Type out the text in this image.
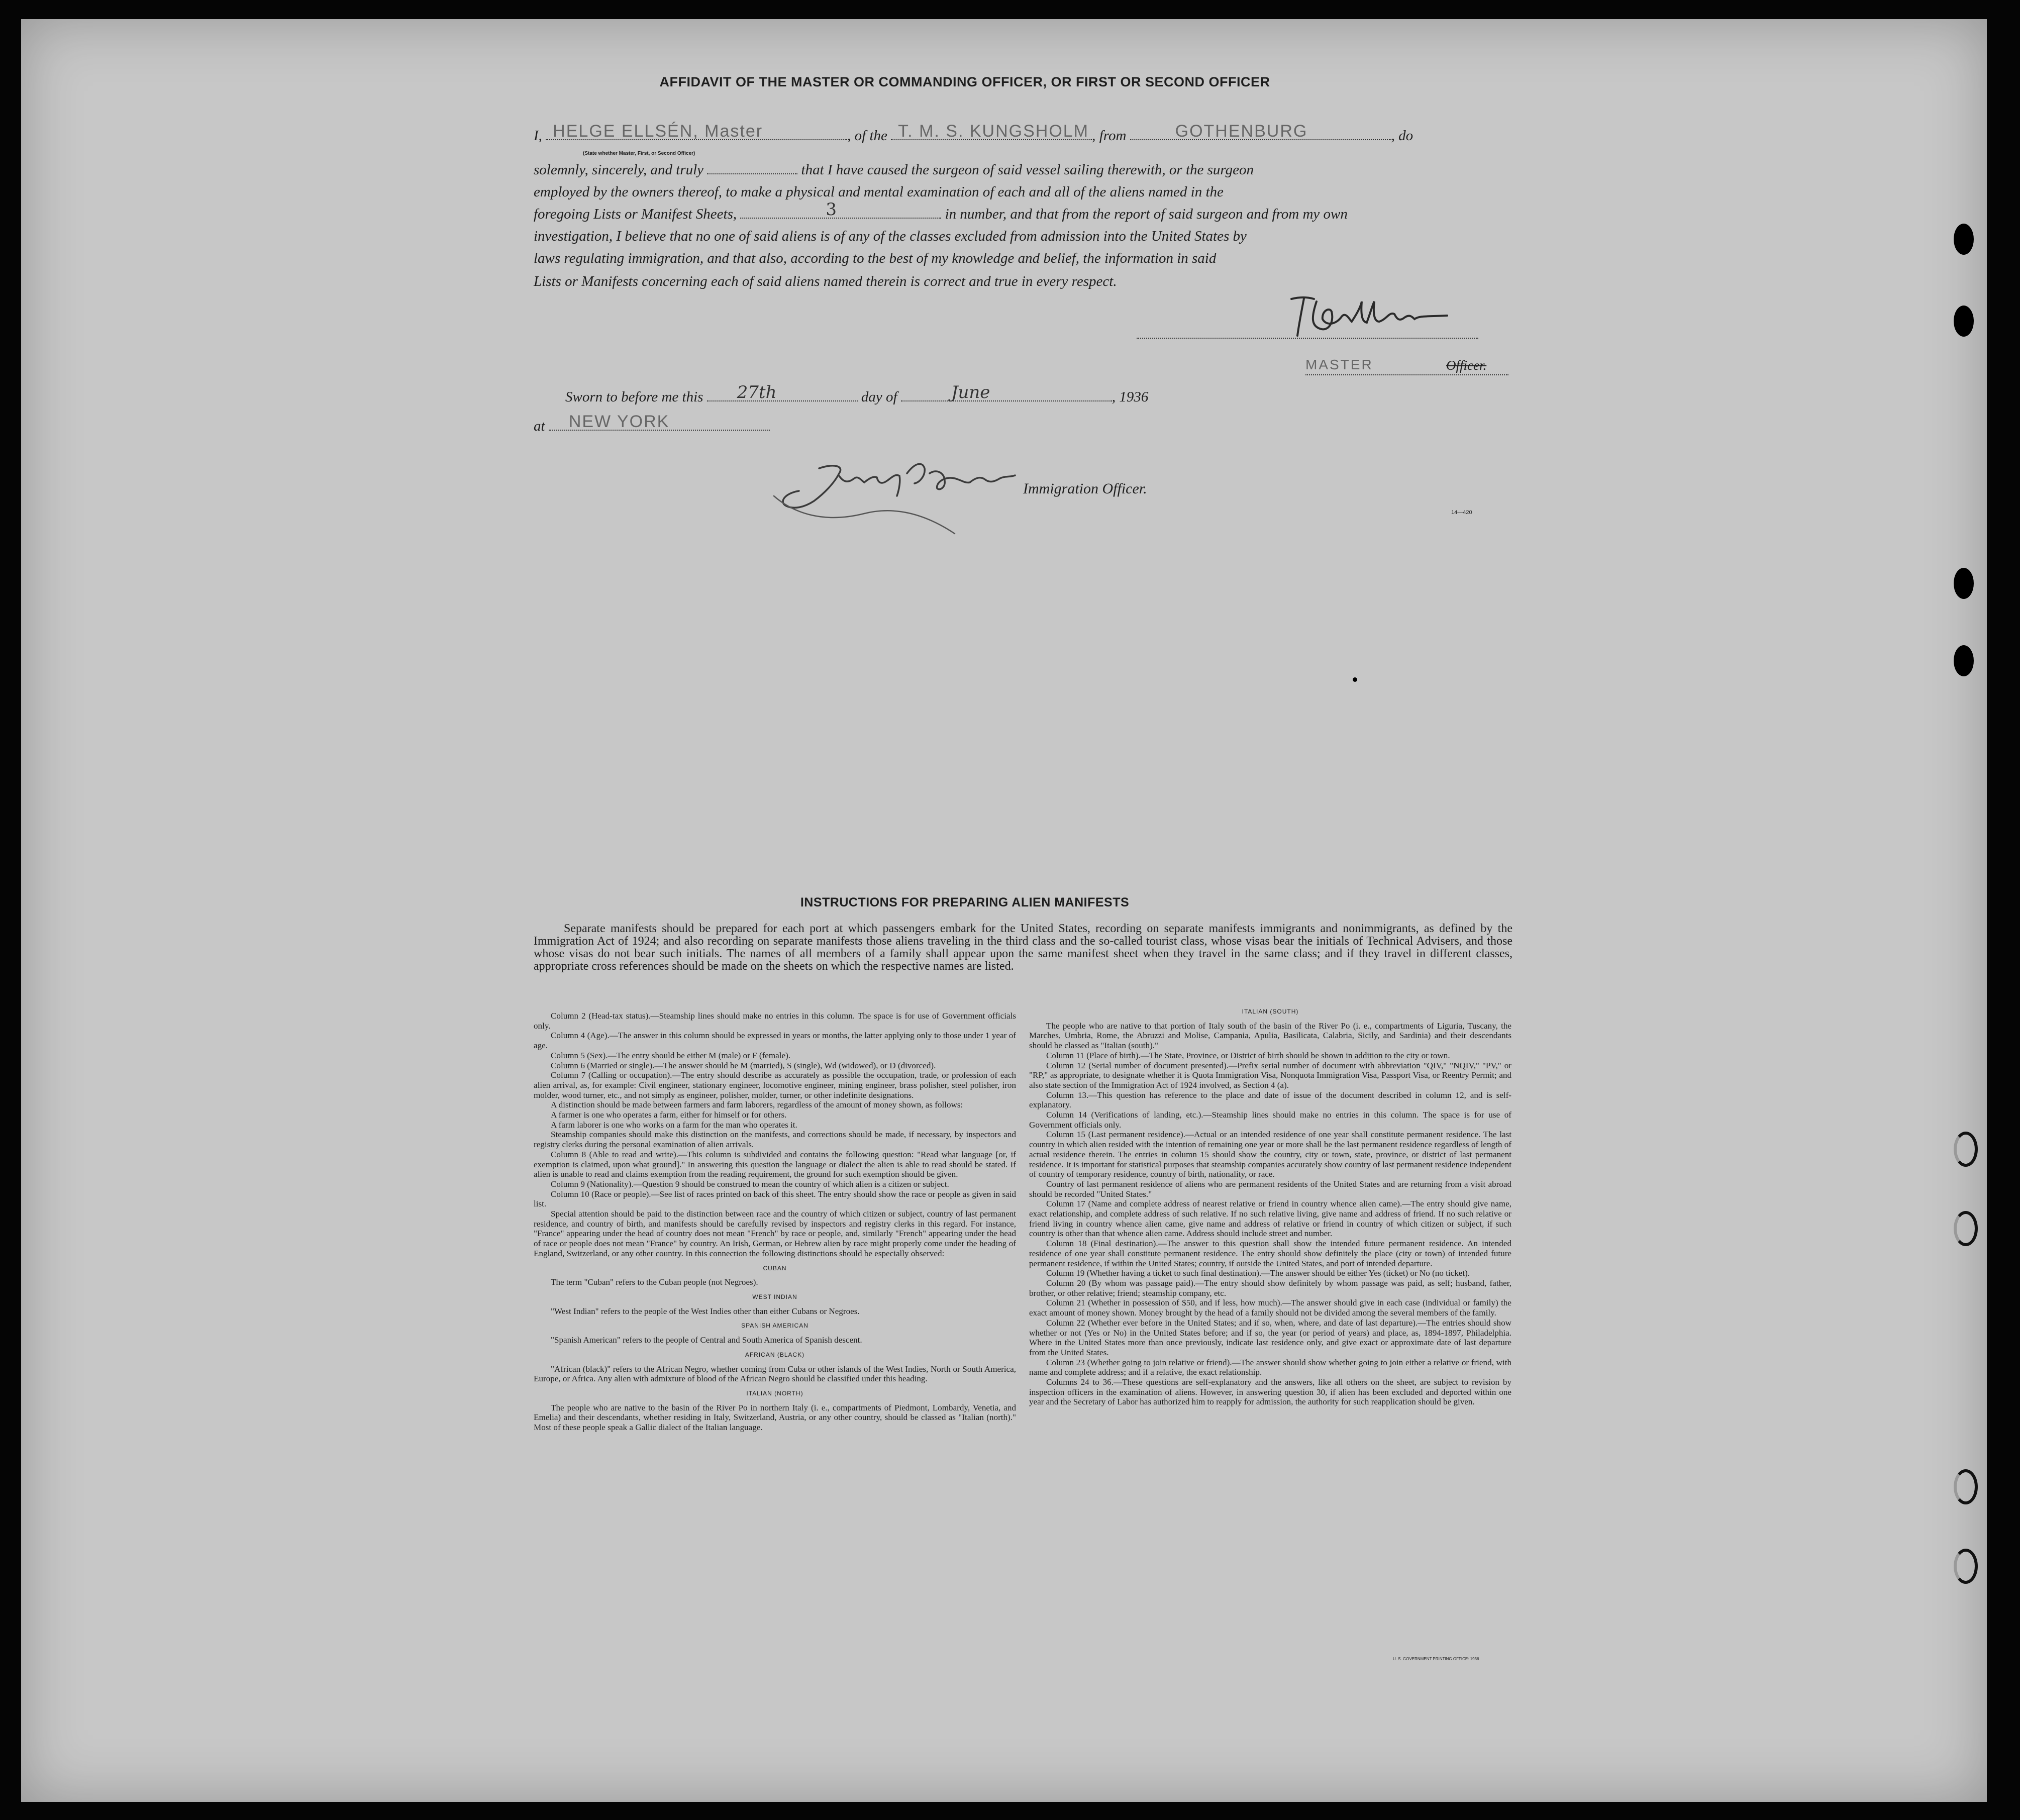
AFFIDAVIT OF THE MASTER OR COMMANDING OFFICER, OR FIRST OR SECOND OFFICER
I, HELGE ELLSÉN, Master	, of the T. M. S. KUNGSHOLM , from	GOTHENBURG	, do
(State whether Master, First, or Second Officer)
solemnly, sincerely, and truly	that I have caused the surgeon of said vessel sailing therewith, or the surgeon
employed by the owners thereof, to make a physical and mental examination of each and all of the aliens named in the
foregoing Lists or Manifest Sheets,	3	in number, and that from the report of said surgeon and from my own
investigation, I believe that no one of said aliens is of any of the classes excluded from admission into the United States by
laws regulating immigration, and that also, according to the best of my knowledge and belief, the information in said
Lists or Manifests concerning each of said aliens named therein is correct and true in every respect.
MASTER	Officer.
Sworn to before me this 27th	day of	June	, 1936
at NEW YORK
Immigration Officer.
14—420
INSTRUCTIONS FOR PREPARING ALIEN MANIFESTS
Separate manifests should be prepared for each port at which passengers embark for the United States, recording on separate manifests immigrants and nonimmigrants, as defined by the Immigration Act of 1924; and also recording on separate manifests those aliens traveling in the third class and the so-called tourist class, whose visas bear the initials of Technical Advisers, and those whose visas do not bear such initials. The names of all members of a family shall appear upon the same manifest sheet when they travel in the same class; and if they travel in different classes, appropriate cross references should be made on the sheets on which the respective names are listed.

Column 2 (Head-tax status).—Steamship lines should make no entries in this column. The space is for use of Government officials only.

Column 4 (Age).—The answer in this column should be expressed in years or months, the latter applying only to those under 1 year of age.

Column 5 (Sex).—The entry should be either M (male) or F (female).

Column 6 (Married or single).—The answer should be M (married), S (single), Wd (widowed), or D (divorced).

Column 7 (Calling or occupation).—The entry should describe as accurately as possible the occupation, trade, or profession of each alien arrival, as, for example: Civil engineer, stationary engineer, locomotive engineer, mining engineer, brass polisher, steel polisher, iron molder, wood turner, etc., and not simply as engineer, polisher, molder, turner, or other indefinite designations.

A distinction should be made between farmers and farm laborers, regardless of the amount of money shown, as follows:

A farmer is one who operates a farm, either for himself or for others.

A farm laborer is one who works on a farm for the man who operates it.

Steamship companies should make this distinction on the manifests, and corrections should be made, if necessary, by inspectors and registry clerks during the personal examination of alien arrivals.

Column 8 (Able to read and write).—This column is subdivided and contains the following question: "Read what language [or, if exemption is claimed, upon what ground]." In answering this question the language or dialect the alien is able to read should be stated. If alien is unable to read and claims exemption from the reading requirement, the ground for such exemption should be given.

Column 9 (Nationality).—Question 9 should be construed to mean the country of which alien is a citizen or subject.

Column 10 (Race or people).—See list of races printed on back of this sheet. The entry should show the race or people as given in said list.

Special attention should be paid to the distinction between race and the country of which citizen or subject, country of last permanent residence, and country of birth, and manifests should be carefully revised by inspectors and registry clerks in this regard. For instance, "France" appearing under the head of country does not mean "French" by race or people, and, similarly "French" appearing under the head of race or people does not mean "France" by country. An Irish, German, or Hebrew alien by race might properly come under the heading of England, Switzerland, or any other country. In this connection the following distinctions should be especially observed:

CUBAN

The term "Cuban" refers to the Cuban people (not Negroes).

WEST INDIAN

"West Indian" refers to the people of the West Indies other than either Cubans or Negroes.

SPANISH AMERICAN

"Spanish American" refers to the people of Central and South America of Spanish descent.

AFRICAN (BLACK)

"African (black)" refers to the African Negro, whether coming from Cuba or other islands of the West Indies, North or South America, Europe, or Africa. Any alien with admixture of blood of the African Negro should be classified under this heading.

ITALIAN (NORTH)

The people who are native to the basin of the River Po in northern Italy (i. e., compartments of Piedmont, Lombardy, Venetia, and Emelia) and their descendants, whether residing in Italy, Switzerland, Austria, or any other country, should be classed as "Italian (north)." Most of these people speak a Gallic dialect of the Italian language.

ITALIAN (SOUTH)

The people who are native to that portion of Italy south of the basin of the River Po (i. e., compartments of Liguria, Tuscany, the Marches, Umbria, Rome, the Abruzzi and Molise, Campania, Apulia, Basilicata, Calabria, Sicily, and Sardinia) and their descendants should be classed as "Italian (south)."

Column 11 (Place of birth).—The State, Province, or District of birth should be shown in addition to the city or town.

Column 12 (Serial number of document presented).—Prefix serial number of document with abbreviation "QIV," "NQIV," "PV," or "RP," as appropriate, to designate whether it is Quota Immigration Visa, Nonquota Immigration Visa, Passport Visa, or Reentry Permit; and also state section of the Immigration Act of 1924 involved, as Section 4 (a).

Column 13.—This question has reference to the place and date of issue of the document described in column 12, and is self-explanatory.

Column 14 (Verifications of landing, etc.).—Steamship lines should make no entries in this column. The space is for use of Government officials only.

Column 15 (Last permanent residence).—Actual or an intended residence of one year shall constitute permanent residence. The last country in which alien resided with the intention of remaining one year or more shall be the last permanent residence regardless of length of actual residence therein. The entries in column 15 should show the country, city or town, state, province, or district of last permanent residence. It is important for statistical purposes that steamship companies accurately show country of last permanent residence independent of country of temporary residence, country of birth, nationality, or race.

Country of last permanent residence of aliens who are permanent residents of the United States and are returning from a visit abroad should be recorded "United States."

Column 17 (Name and complete address of nearest relative or friend in country whence alien came).—The entry should give name, exact relationship, and complete address of such relative. If no such relative living, give name and address of friend. If no such relative or friend living in country whence alien came, give name and address of relative or friend in country of which citizen or subject, if such country is other than that whence alien came. Address should include street and number.

Column 18 (Final destination).—The answer to this question shall show the intended future permanent residence. An intended residence of one year shall constitute permanent residence. The entry should show definitely the place (city or town) of intended future permanent residence, if within the United States; country, if outside the United States, and port of intended departure.

Column 19 (Whether having a ticket to such final destination).—The answer should be either Yes (ticket) or No (no ticket).

Column 20 (By whom was passage paid).—The entry should show definitely by whom passage was paid, as self; husband, father, brother, or other relative; friend; steamship company, etc.

Column 21 (Whether in possession of $50, and if less, how much).—The answer should give in each case (individual or family) the exact amount of money shown. Money brought by the head of a family should not be divided among the several members of the family.

Column 22 (Whether ever before in the United States; and if so, when, where, and date of last departure).—The entries should show whether or not (Yes or No) in the United States before; and if so, the year (or period of years) and place, as, 1894-1897, Philadelphia. Where in the United States more than once previously, indicate last residence only, and give exact or approximate date of last departure from the United States.

Column 23 (Whether going to join relative or friend).—The answer should show whether going to join either a relative or friend, with name and complete address; and if a relative, the exact relationship.

Columns 24 to 36.—These questions are self-explanatory and the answers, like all others on the sheet, are subject to revision by inspection officers in the examination of aliens. However, in answering question 30, if alien has been excluded and deported within one year and the Secretary of Labor has authorized him to reapply for admission, the authority for such reapplication should be given.

U. S. GOVERNMENT PRINTING OFFICE: 1936
